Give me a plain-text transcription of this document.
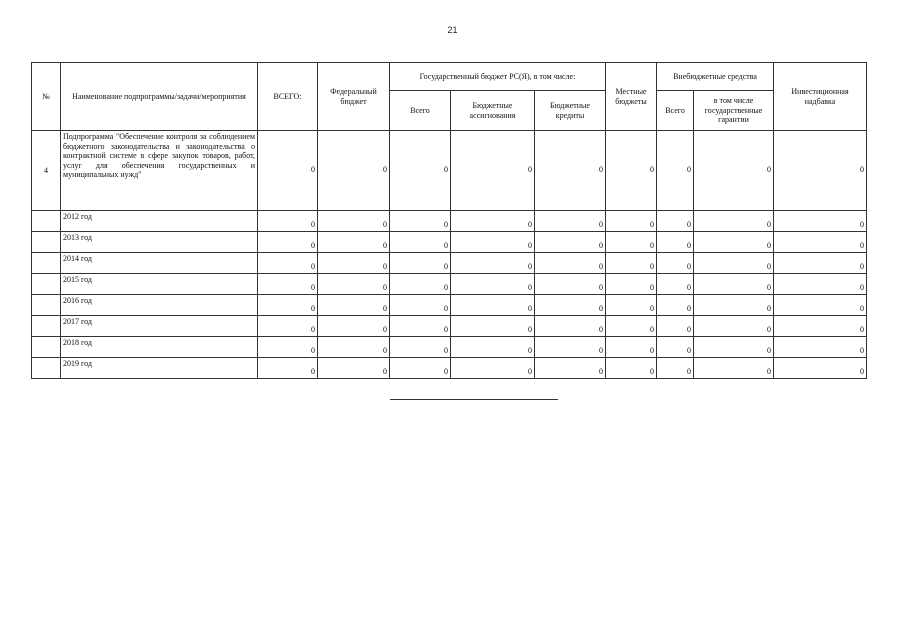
21
№	Наименование подпрограммы/задачи/мероприятия	ВСЕГО:	Федеральный бюджет	Государственный бюджет РС(Я), в том числе:			Местные бюджеты	Внебюджетные средства		Инвестиционная надбавка
				Всего	Бюджетные ассигнования	Бюджетные кредиты		Всего	в том числе государственные гарантии	
4	Подпрограмма "Обеспечение контроля за соблюдением бюджетного законодательства и законодательства о контрактной системе в сфере закупок товаров, работ, услуг для обеспечения государственных и муниципальных нужд"	0	0	0	0	0	0	0	0	0
	2012 год	0	0	0	0	0	0	0	0	0
	2013 год	0	0	0	0	0	0	0	0	0
	2014 год	0	0	0	0	0	0	0	0	0
	2015 год	0	0	0	0	0	0	0	0	0
	2016 год	0	0	0	0	0	0	0	0	0
	2017 год	0	0	0	0	0	0	0	0	0
	2018 год	0	0	0	0	0	0	0	0	0
	2019 год	0	0	0	0	0	0	0	0	0
